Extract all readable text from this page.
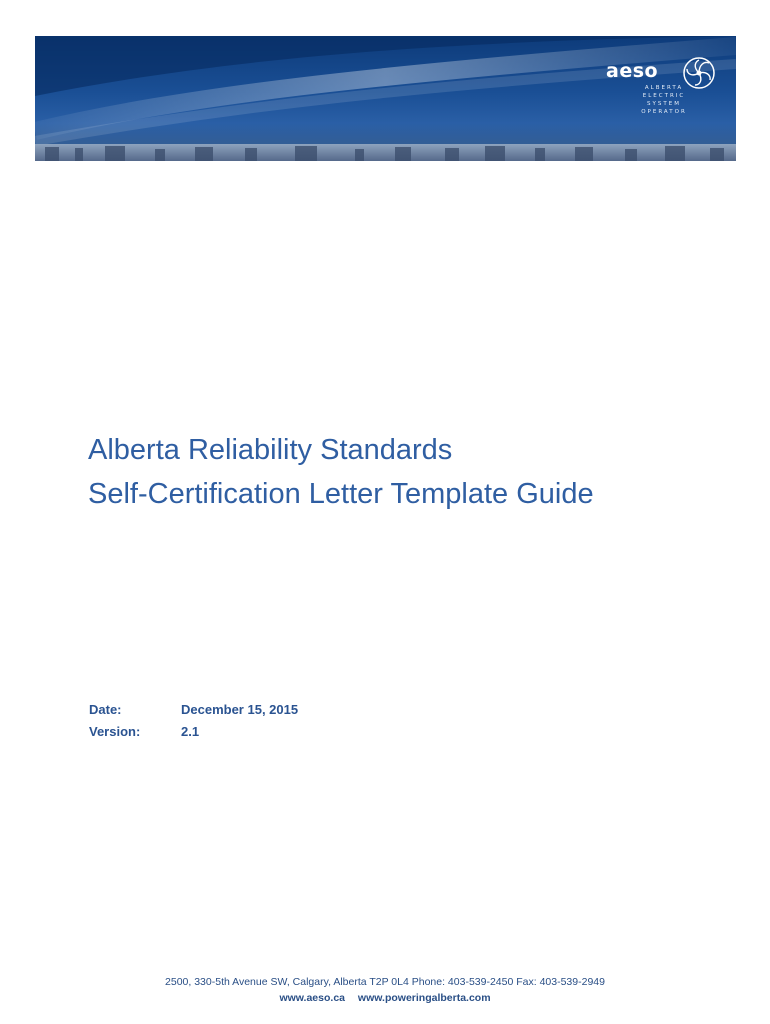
aeso
ALBERTA
ELECTRIC
SYSTEM
OPERATOR

Alberta Reliability Standards

Self-Certification Letter Template Guide

Date:	December 15, 2015
Version:	2.1
2500, 330-5th Avenue SW, Calgary, Alberta T2P 0L4 Phone: 403-539-2450 Fax: 403-539-2949
www.aeso.ca www.poweringalberta.com
